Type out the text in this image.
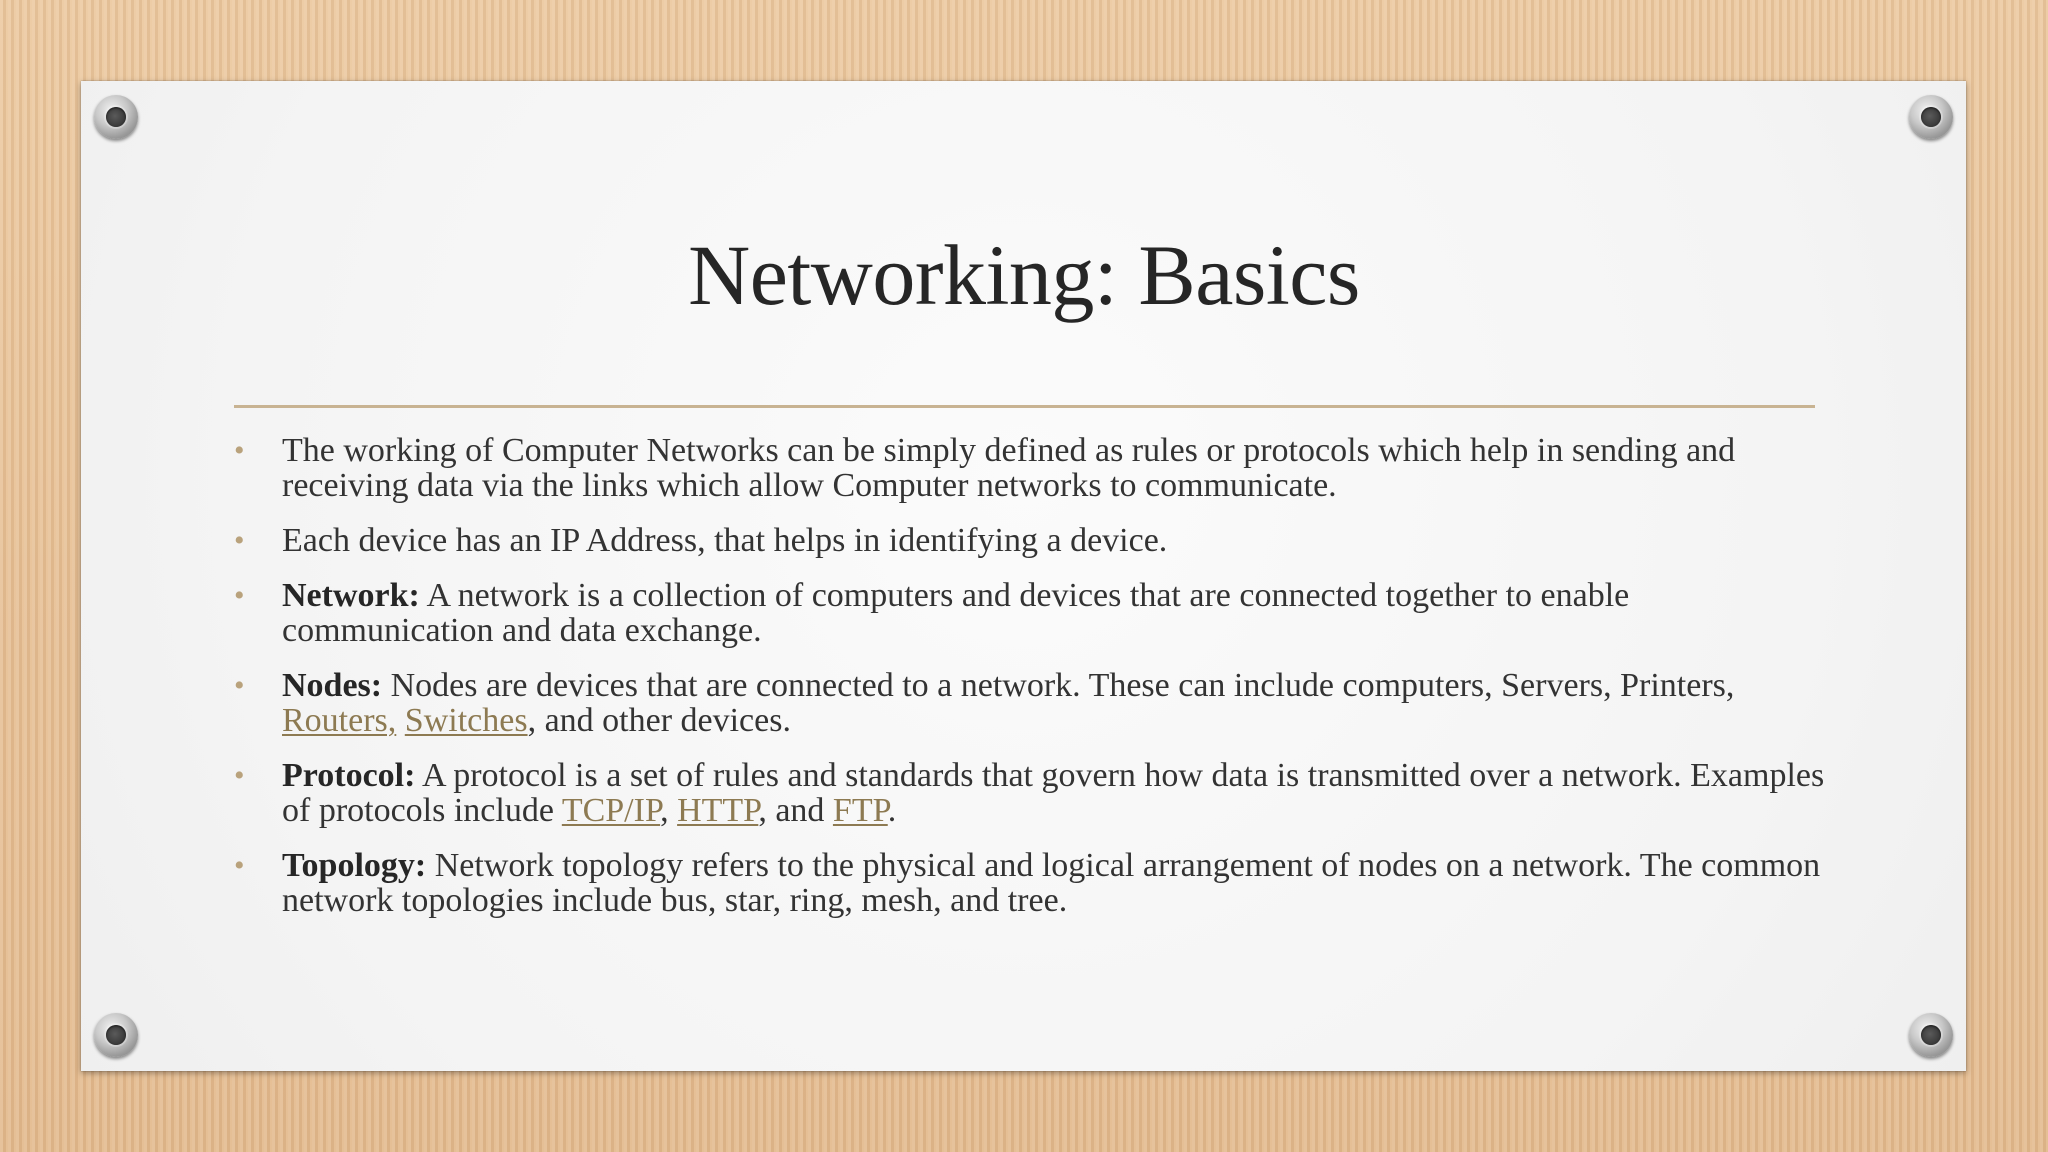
Networking: Basics
• The working of Computer Networks can be simply defined as rules or protocols which help in sending and receiving data via the links which allow Computer networks to communicate.
• Each device has an IP Address, that helps in identifying a device.
• Network: A network is a collection of computers and devices that are connected together to enable communication and data exchange.
• Nodes: Nodes are devices that are connected to a network. These can include computers, Servers, Printers, Routers, Switches, and other devices.
• Protocol: A protocol is a set of rules and standards that govern how data is transmitted over a network. Examples of protocols include TCP/IP, HTTP, and FTP.
• Topology: Network topology refers to the physical and logical arrangement of nodes on a network. The common network topologies include bus, star, ring, mesh, and tree.
